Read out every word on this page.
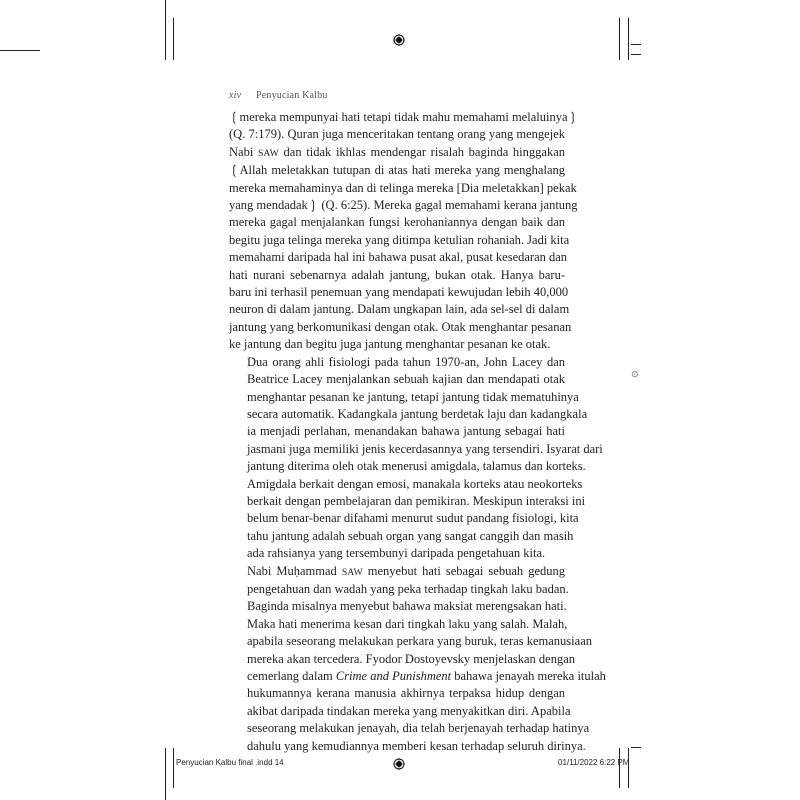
⊙
xiv Penyucian Kalbu

❲mereka mempunyai hati tetapi tidak mahu memahami melaluinya❳
(Q. 7:179). Quran juga menceritakan tentang orang yang mengejek
Nabi SAW dan tidak ikhlas mendengar risalah baginda hinggakan
❲Allah meletakkan tutupan di atas hati mereka yang menghalang
mereka memahaminya dan di telinga mereka [Dia meletakkan] pekak
yang mendadak❳ (Q. 6:25). Mereka gagal memahami kerana jantung
mereka gagal menjalankan fungsi kerohaniannya dengan baik dan
begitu juga telinga mereka yang ditimpa ketulian rohaniah. Jadi kita
memahami daripada hal ini bahawa pusat akal, pusat kesedaran dan
hati nurani sebenarnya adalah jantung, bukan otak. Hanya baru-
baru ini terhasil penemuan yang mendapati kewujudan lebih 40,000
neuron di dalam jantung. Dalam ungkapan lain, ada sel-sel di dalam
jantung yang berkomunikasi dengan otak. Otak menghantar pesanan
ke jantung dan begitu juga jantung menghantar pesanan ke otak.

Dua orang ahli fisiologi pada tahun 1970-an, John Lacey dan
Beatrice Lacey menjalankan sebuah kajian dan mendapati otak
menghantar pesanan ke jantung, tetapi jantung tidak mematuhinya
secara automatik. Kadangkala jantung berdetak laju dan kadangkala
ia menjadi perlahan, menandakan bahawa jantung sebagai hati
jasmani juga memiliki jenis kecerdasannya yang tersendiri. Isyarat dari
jantung diterima oleh otak menerusi amigdala, talamus dan korteks.
Amigdala berkait dengan emosi, manakala korteks atau neokorteks
berkait dengan pembelajaran dan pemikiran. Meskipun interaksi ini
belum benar-benar difahami menurut sudut pandang fisiologi, kita
tahu jantung adalah sebuah organ yang sangat canggih dan masih
ada rahsianya yang tersembunyi daripada pengetahuan kita.

Nabi Muḥammad SAW menyebut hati sebagai sebuah gedung
pengetahuan dan wadah yang peka terhadap tingkah laku badan.
Baginda misalnya menyebut bahawa maksiat merengsakan hati.
Maka hati menerima kesan dari tingkah laku yang salah. Malah,
apabila seseorang melakukan perkara yang buruk, teras kemanusiaan
mereka akan tercedera. Fyodor Dostoyevsky menjelaskan dengan
cemerlang dalam Crime and Punishment bahawa jenayah mereka itulah
hukumannya kerana manusia akhirnya terpaksa hidup dengan
akibat daripada tindakan mereka yang menyakitkan diri. Apabila
seseorang melakukan jenayah, dia telah berjenayah terhadap hatinya
dahulu yang kemudiannya memberi kesan terhadap seluruh dirinya.

Penyucian Kalbu final .indd 14	01/11/2022 6:22 PM
